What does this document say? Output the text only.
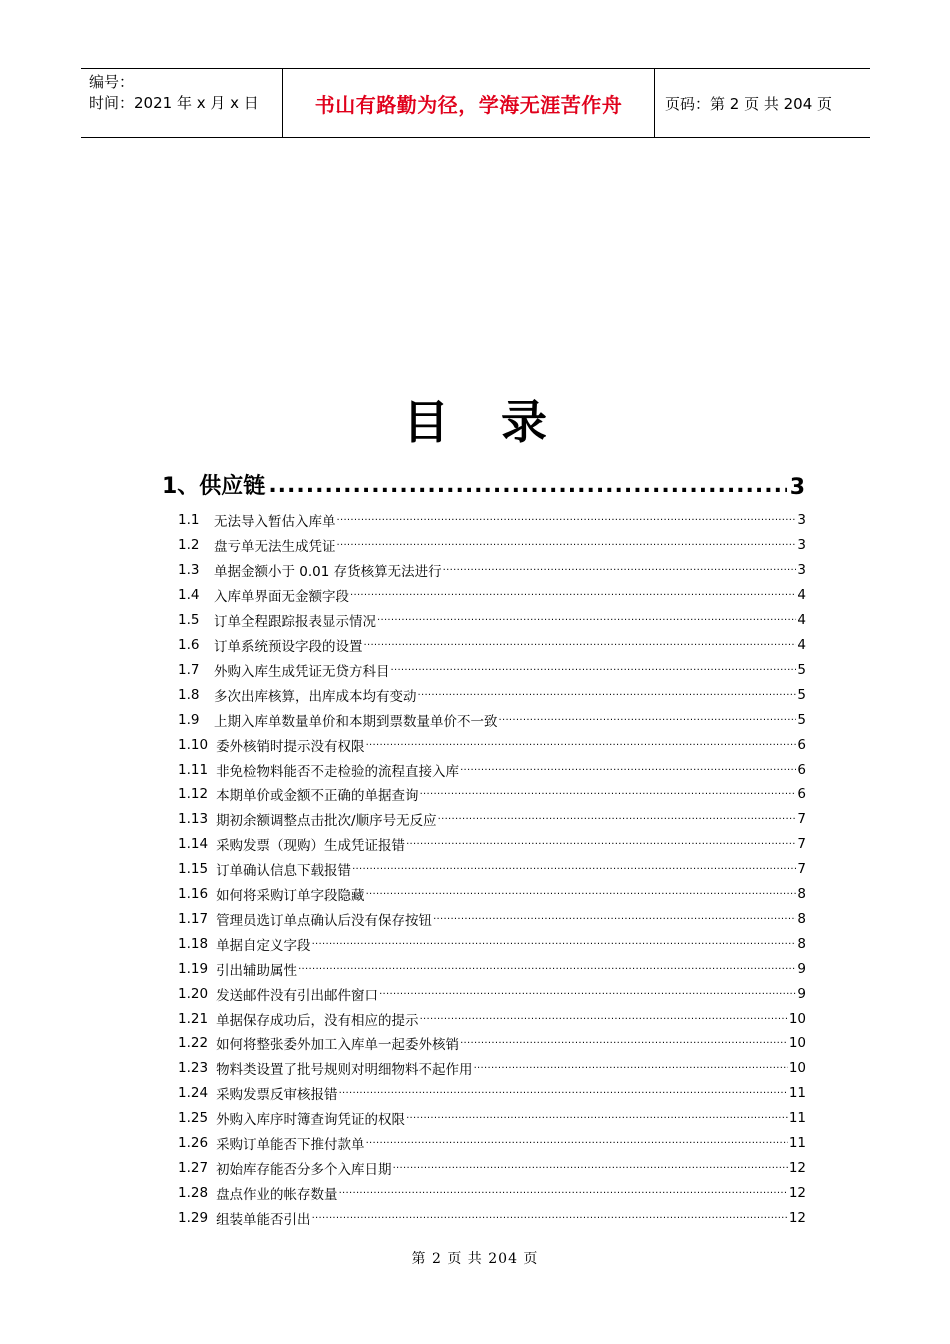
编号：
时间：2021 年 x 月 x 日	书山有路勤为径，学海无涯苦作舟	页码：第 2 页 共 204 页
目 录
1、供应链 .....	3
1.1	无法导入暂估入库单 .....	3
1.2	盘亏单无法生成凭证 .....	3
1.3	单据金额小于 0.01 存货核算无法进行 .....	3
1.4	入库单界面无金额字段 .....	4
1.5	订单全程跟踪报表显示情况 .....	4
1.6	订单系统预设字段的设置 .....	4
1.7	外购入库生成凭证无贷方科目 .....	5
1.8	多次出库核算，出库成本均有变动 .....	5
1.9	上期入库单数量单价和本期到票数量单价不一致 .....	5
1.10 委外核销时提示没有权限 .....	6
1.11 非免检物料能否不走检验的流程直接入库 .....	6
1.12 本期单价或金额不正确的单据查询 .....	6
1.13 期初余额调整点击批次/顺序号无反应 .....	7
1.14 采购发票（现购）生成凭证报错 .....	7
1.15 订单确认信息下载报错 .....	7
1.16 如何将采购订单字段隐藏 .....	8
1.17 管理员选订单点确认后没有保存按钮 .....	8
1.18 单据自定义字段 .....	8
1.19 引出辅助属性 .....	9
1.20 发送邮件没有引出邮件窗口 .....	9
1.21 单据保存成功后，没有相应的提示 .....	10
1.22 如何将整张委外加工入库单一起委外核销 .....	10
1.23 物料类设置了批号规则对明细物料不起作用 .....	10
1.24 采购发票反审核报错 .....	11
1.25 外购入库序时簿查询凭证的权限 .....	11
1.26 采购订单能否下推付款单 .....	11
1.27 初始库存能否分多个入库日期 .....	12
1.28 盘点作业的帐存数量 .....	12
1.29 组装单能否引出 .....	12
第 2 页 共 204 页
